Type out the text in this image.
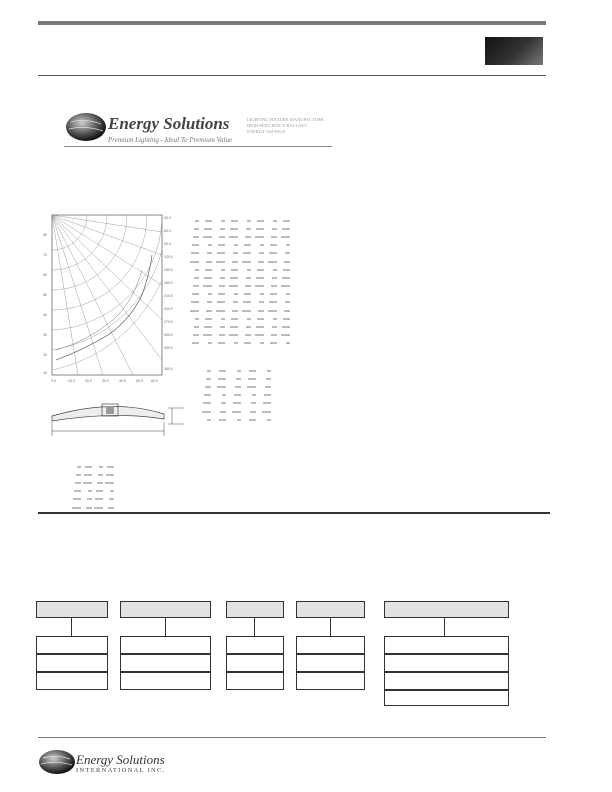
Energy Solutions
Premium Lighting - Ideal To Premium Value
LIGHTING FIXTURE MANUFACTURE
HIGH EFFICIENCY BALLAST
ENERGY SAVINGS
30.0
60.0
90.0
120.0
150.0
180.0
210.0
240.0
270.0
300.0
330.0
360.0
80
70
60
50
40
30
20
10
0.0	10.0	20.0	30.0	40.0	50.0 60.0
Energy Solutions
INTERNATIONAL INC.
